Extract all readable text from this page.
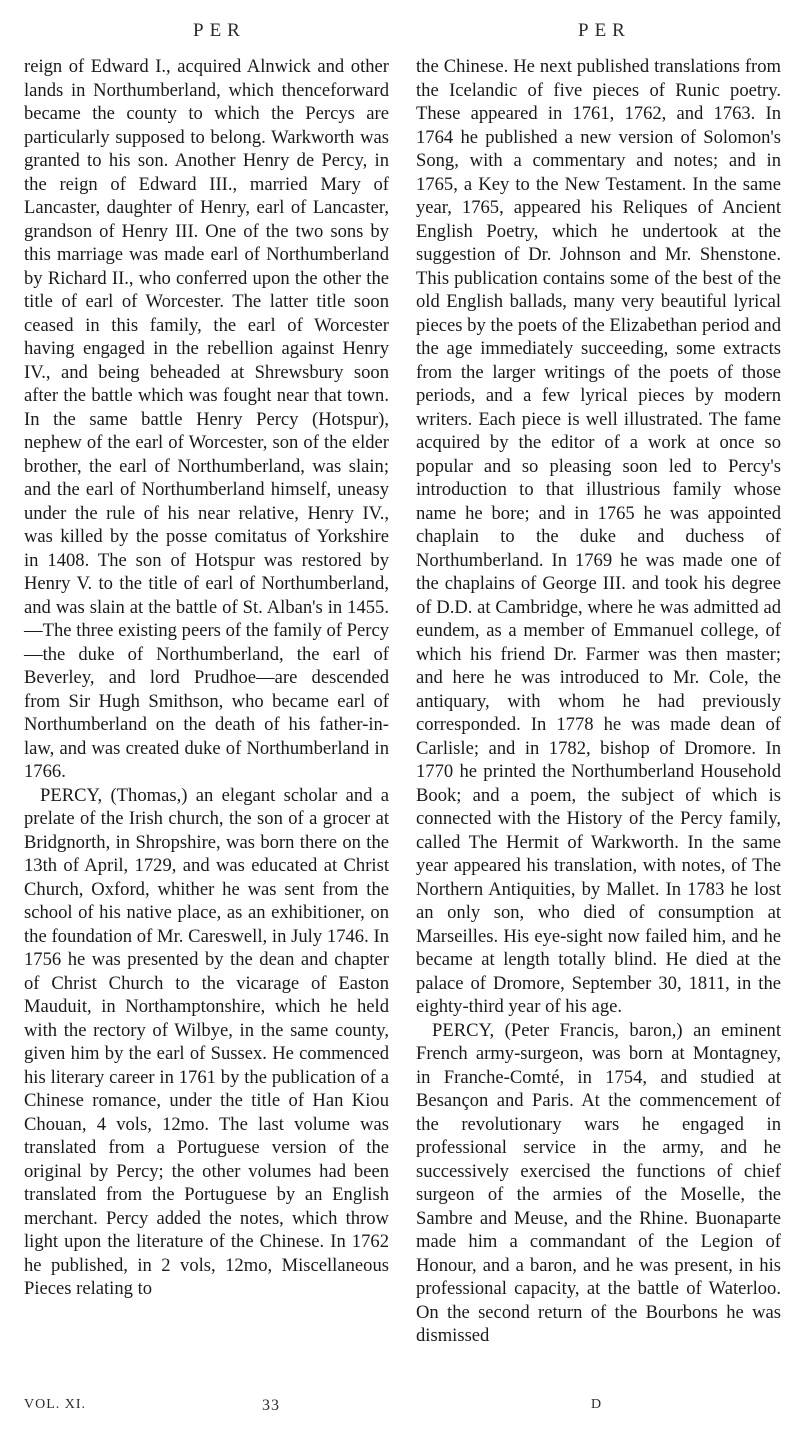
PER	PER

reign of Edward I., acquired Alnwick and other lands in Northumberland, which thenceforward became the county to which the Percys are particularly supposed to belong. Warkworth was granted to his son. Another Henry de Percy, in the reign of Edward III., married Mary of Lancaster, daughter of Henry, earl of Lancaster, grandson of Henry III. One of the two sons by this marriage was made earl of Northumberland by Richard II., who conferred upon the other the title of earl of Worcester. The latter title soon ceased in this family, the earl of Worcester having engaged in the rebellion against Henry IV., and being beheaded at Shrewsbury soon after the battle which was fought near that town. In the same battle Henry Percy (Hotspur), nephew of the earl of Worcester, son of the elder brother, the earl of Northumberland, was slain; and the earl of Northumberland himself, uneasy under the rule of his near relative, Henry IV., was killed by the posse comitatus of Yorkshire in 1408. The son of Hotspur was restored by Henry V. to the title of earl of Northumberland, and was slain at the battle of St. Alban's in 1455.—The three existing peers of the family of Percy—the duke of Northumberland, the earl of Beverley, and lord Prudhoe—are descended from Sir Hugh Smithson, who became earl of Northumberland on the death of his father-in-law, and was created duke of Northumberland in 1766.

PERCY, (Thomas,) an elegant scholar and a prelate of the Irish church, the son of a grocer at Bridgnorth, in Shropshire, was born there on the 13th of April, 1729, and was educated at Christ Church, Oxford, whither he was sent from the school of his native place, as an exhibitioner, on the foundation of Mr. Careswell, in July 1746. In 1756 he was presented by the dean and chapter of Christ Church to the vicarage of Easton Mauduit, in Northamptonshire, which he held with the rectory of Wilbye, in the same county, given him by the earl of Sussex. He commenced his literary career in 1761 by the publication of a Chinese romance, under the title of Han Kiou Chouan, 4 vols, 12mo. The last volume was translated from a Portuguese version of the original by Percy; the other volumes had been translated from the Portuguese by an English merchant. Percy added the notes, which throw light upon the literature of the Chinese. In 1762 he published, in 2 vols, 12mo, Miscellaneous Pieces relating to

the Chinese. He next published translations from the Icelandic of five pieces of Runic poetry. These appeared in 1761, 1762, and 1763. In 1764 he published a new version of Solomon's Song, with a commentary and notes; and in 1765, a Key to the New Testament. In the same year, 1765, appeared his Reliques of Ancient English Poetry, which he undertook at the suggestion of Dr. Johnson and Mr. Shenstone. This publication contains some of the best of the old English ballads, many very beautiful lyrical pieces by the poets of the Elizabethan period and the age immediately succeeding, some extracts from the larger writings of the poets of those periods, and a few lyrical pieces by modern writers. Each piece is well illustrated. The fame acquired by the editor of a work at once so popular and so pleasing soon led to Percy's introduction to that illustrious family whose name he bore; and in 1765 he was appointed chaplain to the duke and duchess of Northumberland. In 1769 he was made one of the chaplains of George III. and took his degree of D.D. at Cambridge, where he was admitted ad eundem, as a member of Emmanuel college, of which his friend Dr. Farmer was then master; and here he was introduced to Mr. Cole, the antiquary, with whom he had previously corresponded. In 1778 he was made dean of Carlisle; and in 1782, bishop of Dromore. In 1770 he printed the Northumberland Household Book; and a poem, the subject of which is connected with the History of the Percy family, called The Hermit of Warkworth. In the same year appeared his translation, with notes, of The Northern Antiquities, by Mallet. In 1783 he lost an only son, who died of consumption at Marseilles. His eye-sight now failed him, and he became at length totally blind. He died at the palace of Dromore, September 30, 1811, in the eighty-third year of his age.

PERCY, (Peter Francis, baron,) an eminent French army-surgeon, was born at Montagney, in Franche-Comté, in 1754, and studied at Besançon and Paris. At the commencement of the revolutionary wars he engaged in professional service in the army, and he successively exercised the functions of chief surgeon of the armies of the Moselle, the Sambre and Meuse, and the Rhine. Buonaparte made him a commandant of the Legion of Honour, and a baron, and he was present, in his professional capacity, at the battle of Waterloo. On the second return of the Bourbons he was dismissed

VOL. XI.	33	D
